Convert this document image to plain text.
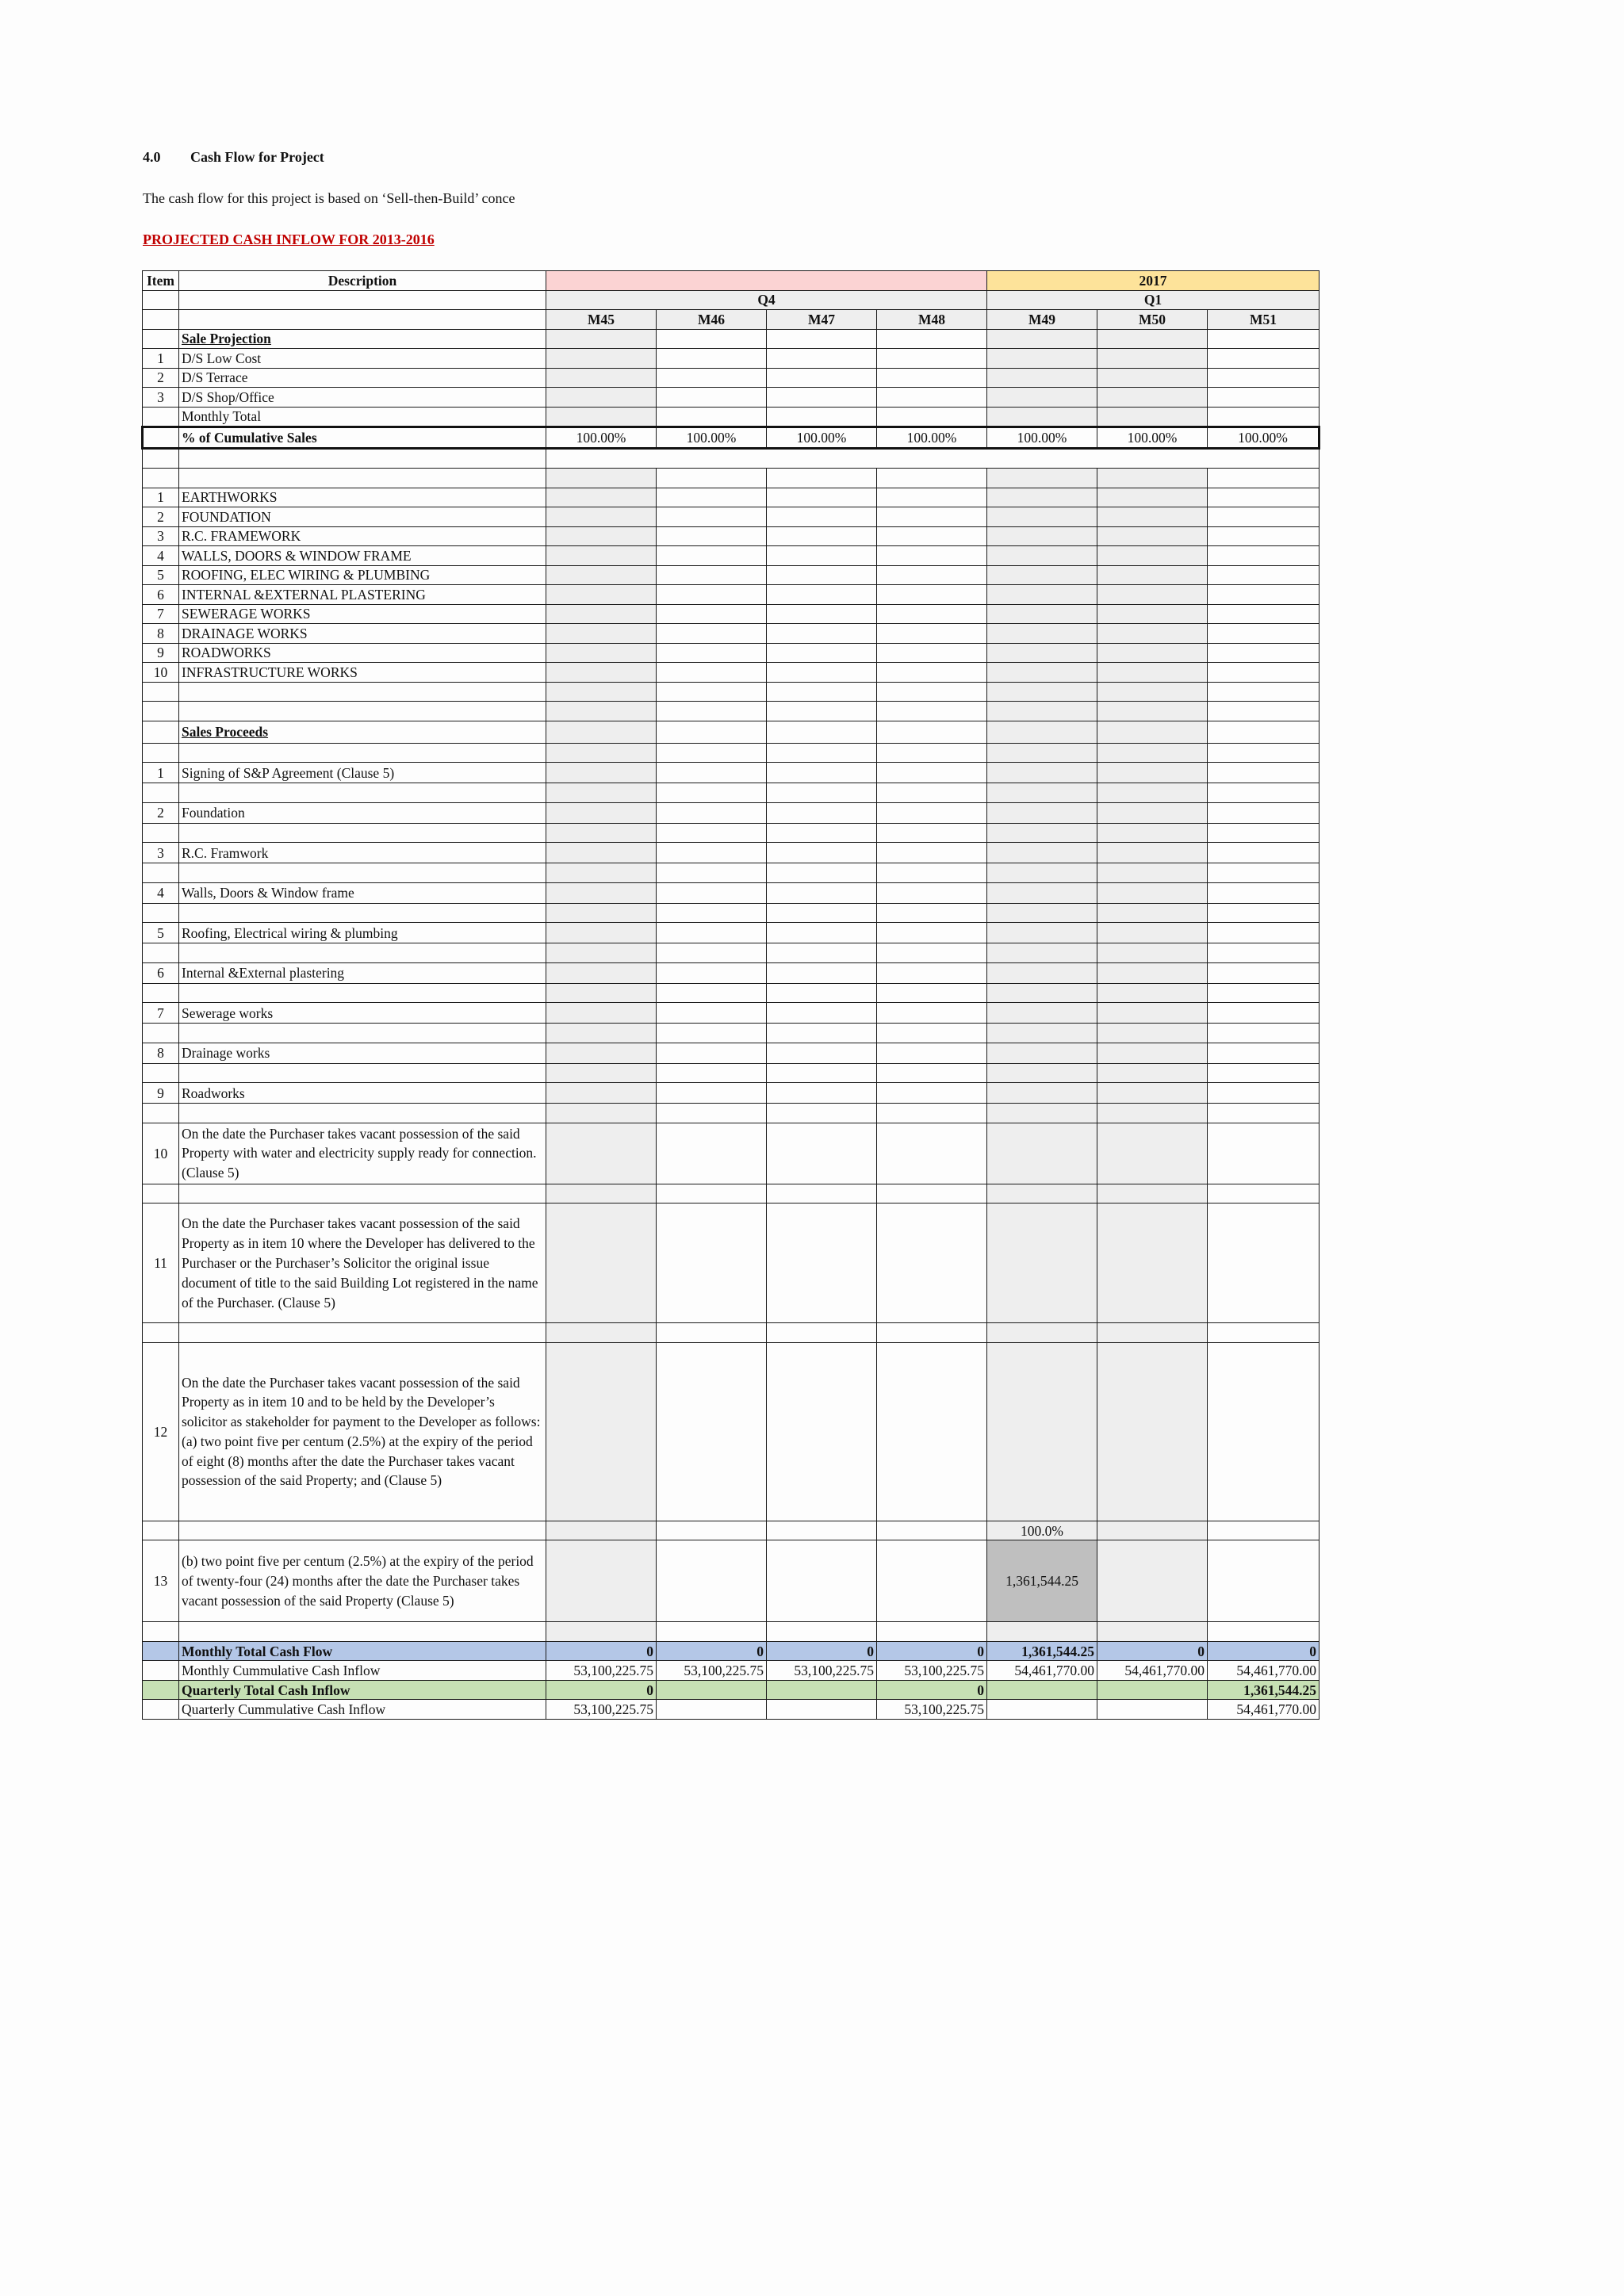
4.0 Cash Flow for Project
The cash flow for this project is based on ‘Sell-then-Build’ conce
PROJECTED CASH INFLOW FOR 2013-2016
Item	Description					2017		
		Q4				Q1		
		M45	M46	M47	M48	M49	M50	M51
	Sale Projection							
1	D/S Low Cost							
2	D/S Terrace							
3	D/S Shop/Office							
	Monthly Total							
	% of Cumulative Sales	100.00%	100.00%	100.00%	100.00%	100.00%	100.00%	100.00%

1	EARTHWORKS							
2	FOUNDATION							
3	R.C. FRAMEWORK							
4	WALLS, DOORS & WINDOW FRAME							
5	ROOFING, ELEC WIRING & PLUMBING							
6	INTERNAL &EXTERNAL PLASTERING							
7	SEWERAGE WORKS							
8	DRAINAGE WORKS							
9	ROADWORKS							
10	INFRASTRUCTURE WORKS							

	Sales Proceeds							

1	Signing of S&P Agreement (Clause 5)							

2	Foundation							

3	R.C. Framwork							

4	Walls, Doors & Window frame							

5	Roofing, Electrical wiring & plumbing							

6	Internal &External plastering							

7	Sewerage works							

8	Drainage works							

9	Roadworks							

10	On the date the Purchaser takes vacant possession of the said Property with water and electricity supply ready for connection. (Clause 5)							

11	On the date the Purchaser takes vacant possession of the said Property as in item 10 where the Developer has delivered to the Purchaser or the Purchaser’s Solicitor the original issue document of title to the said Building Lot registered in the name of the Purchaser. (Clause 5)							

12	On the date the Purchaser takes vacant possession of the said Property as in item 10 and to be held by the Developer’s solicitor as stakeholder for payment to the Developer as follows: (a) two point five per centum (2.5%) at the expiry of the period of eight (8) months after the date the Purchaser takes vacant possession of the said Property; and (Clause 5)							
						100.0%		
13	(b) two point five per centum (2.5%) at the expiry of the period of twenty-four (24) months after the date the Purchaser takes vacant possession of the said Property (Clause 5)					1,361,544.25		

	Monthly Total Cash Flow	0	0	0	0	1,361,544.25	0	0
	Monthly Cummulative Cash Inflow	53,100,225.75	53,100,225.75	53,100,225.75	53,100,225.75	54,461,770.00	54,461,770.00	54,461,770.00
	Quarterly Total Cash Inflow	0			0			1,361,544.25
	Quarterly Cummulative Cash Inflow	53,100,225.75			53,100,225.75			54,461,770.00
